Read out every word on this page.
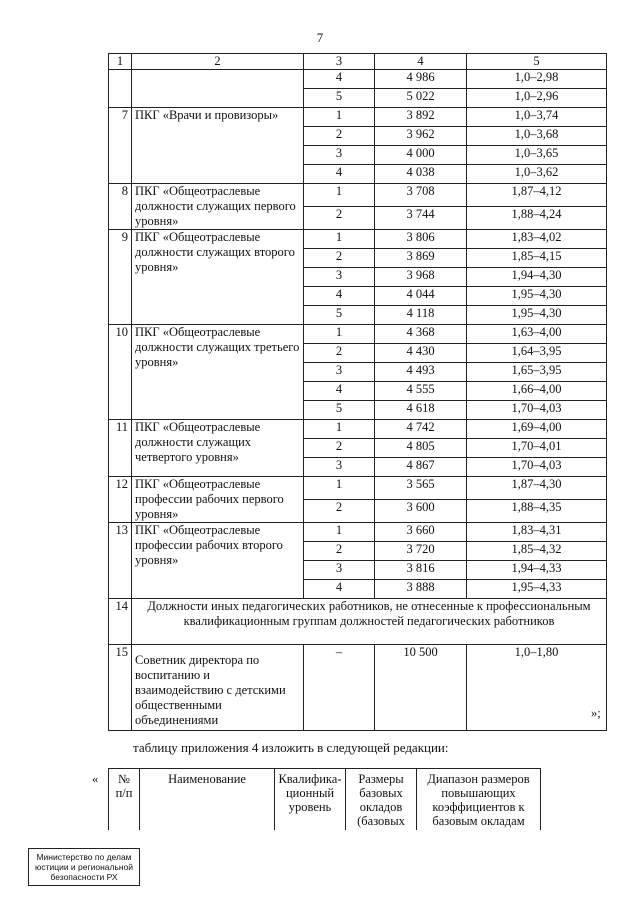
7
1	2	3	4	5
		4	4 986	1,0–2,98
		5	5 022	1,0–2,96
7	ПКГ «Врачи и провизоры»	1	3 892	1,0–3,74
		2	3 962	1,0–3,68
		3	4 000	1,0–3,65
		4	4 038	1,0–3,62
8	ПКГ «Общеотраслевые должности служащих первого уровня»	1	3 708	1,87–4,12
		2	3 744	1,88–4,24
9	ПКГ «Общеотраслевые должности служащих второго уровня»	1	3 806	1,83–4,02
		2	3 869	1,85–4,15
		3	3 968	1,94–4,30
		4	4 044	1,95–4,30
		5	4 118	1,95–4,30
10	ПКГ «Общеотраслевые должности служащих третьего уровня»	1	4 368	1,63–4,00
		2	4 430	1,64–3,95
		3	4 493	1,65–3,95
		4	4 555	1,66–4,00
		5	4 618	1,70–4,03
11	ПКГ «Общеотраслевые должности служащих четвертого уровня»	1	4 742	1,69–4,00
		2	4 805	1,70–4,01
		3	4 867	1,70–4,03
12	ПКГ «Общеотраслевые профессии рабочих первого уровня»	1	3 565	1,87–4,30
		2	3 600	1,88–4,35
13	ПКГ «Общеотраслевые профессии рабочих второго уровня»	1	3 660	1,83–4,31
		2	3 720	1,85–4,32
		3	3 816	1,94–4,33
		4	3 888	1,95–4,33
14	Должности иных педагогических работников, не отнесенные к профессиональным квалификационным группам должностей педагогических работников			
15	Советник директора по воспитанию и взаимодействию с детскими общественными объединениями	–	10 500	1,0–1,80
»;
таблицу приложения 4 изложить в следующей редакции:
« № п/п	Наименование	Квалифика-ционный уровень	Размеры базовых окладов (базовых	Диапазон размеров повышающих коэффициентов к базовым окладам
Министерство по делам юстиции и региональной безопасности РХ
